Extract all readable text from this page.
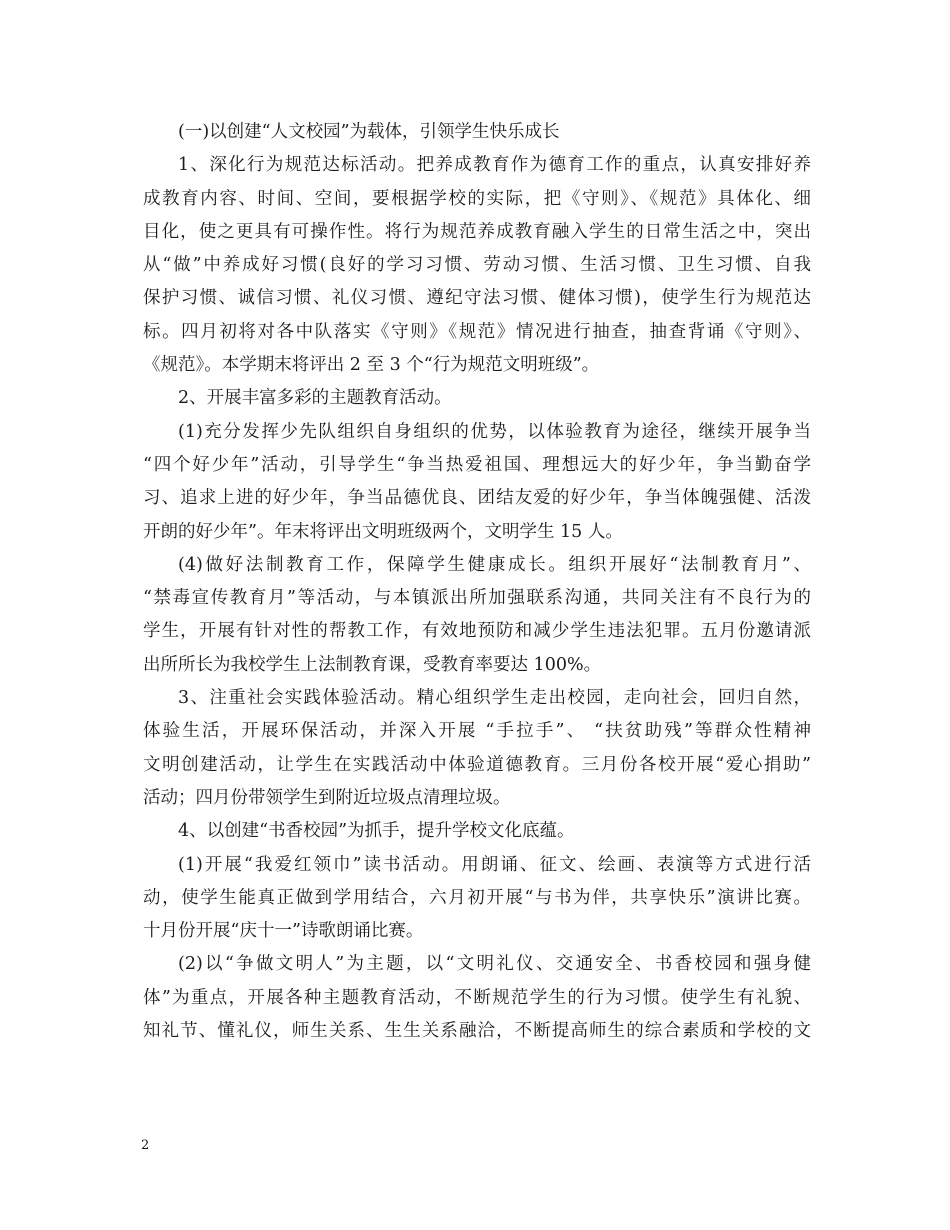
(一)以创建“人文校园”为载体，引领学生快乐成长
1、深化行为规范达标活动。把养成教育作为德育工作的重点，认真安排好养
成教育内容、时间、空间，要根据学校的实际，把《守则》、《规范》具体化、细
目化，使之更具有可操作性。将行为规范养成教育融入学生的日常生活之中，突出
从“做”中养成好习惯(良好的学习习惯、劳动习惯、生活习惯、卫生习惯、自我
保护习惯、诚信习惯、礼仪习惯、遵纪守法习惯、健体习惯)，使学生行为规范达
标。四月初将对各中队落实《守则》《规范》情况进行抽查，抽查背诵《守则》、
《规范》。本学期末将评出 2 至 3 个“行为规范文明班级”。
2、开展丰富多彩的主题教育活动。
(1)充分发挥少先队组织自身组织的优势，以体验教育为途径，继续开展争当
“四个好少年”活动，引导学生“争当热爱祖国、理想远大的好少年，争当勤奋学
习、追求上进的好少年，争当品德优良、团结友爱的好少年，争当体魄强健、活泼
开朗的好少年”。年末将评出文明班级两个，文明学生 15 人。
(4)做好法制教育工作，保障学生健康成长。组织开展好“法制教育月”、
“禁毒宣传教育月”等活动，与本镇派出所加强联系沟通，共同关注有不良行为的
学生，开展有针对性的帮教工作，有效地预防和减少学生违法犯罪。五月份邀请派
出所所长为我校学生上法制教育课，受教育率要达 100%。
3、注重社会实践体验活动。精心组织学生走出校园，走向社会，回归自然，
体验生活，开展环保活动，并深入开展 “手拉手”、 “扶贫助残”等群众性精神
文明创建活动，让学生在实践活动中体验道德教育。三月份各校开展“爱心捐助”
活动；四月份带领学生到附近垃圾点清理垃圾。
4、以创建“书香校园”为抓手，提升学校文化底蕴。
(1)开展“我爱红领巾”读书活动。用朗诵、征文、绘画、表演等方式进行活
动，使学生能真正做到学用结合，六月初开展“与书为伴，共享快乐”演讲比赛。
十月份开展“庆十一”诗歌朗诵比赛。
(2)以“争做文明人”为主题，以“文明礼仪、交通安全、书香校园和强身健
体”为重点，开展各种主题教育活动，不断规范学生的行为习惯。使学生有礼貌、
知礼节、懂礼仪，师生关系、生生关系融洽，不断提高师生的综合素质和学校的文
2
